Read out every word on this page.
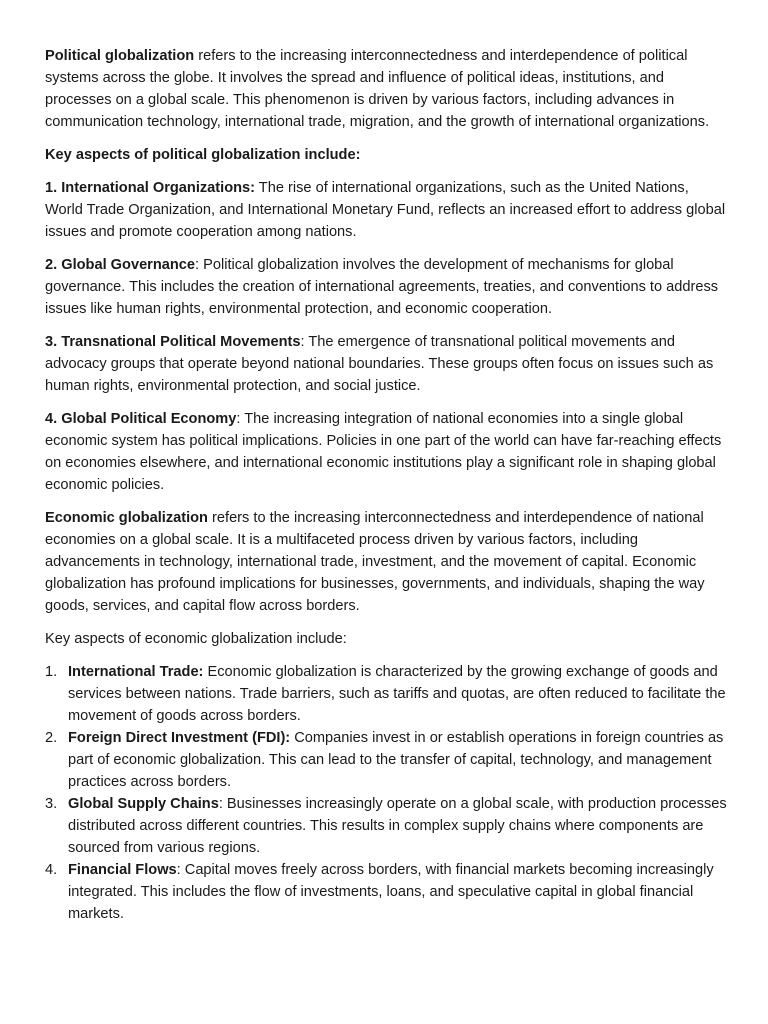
Political globalization refers to the increasing interconnectedness and interdependence of political systems across the globe. It involves the spread and influence of political ideas, institutions, and processes on a global scale. This phenomenon is driven by various factors, including advances in communication technology, international trade, migration, and the growth of international organizations.

Key aspects of political globalization include:

1. International Organizations: The rise of international organizations, such as the United Nations, World Trade Organization, and International Monetary Fund, reflects an increased effort to address global issues and promote cooperation among nations.

2. Global Governance: Political globalization involves the development of mechanisms for global governance. This includes the creation of international agreements, treaties, and conventions to address issues like human rights, environmental protection, and economic cooperation.

3. Transnational Political Movements: The emergence of transnational political movements and advocacy groups that operate beyond national boundaries. These groups often focus on issues such as human rights, environmental protection, and social justice.

4. Global Political Economy: The increasing integration of national economies into a single global economic system has political implications. Policies in one part of the world can have far-reaching effects on economies elsewhere, and international economic institutions play a significant role in shaping global economic policies.

Economic globalization refers to the increasing interconnectedness and interdependence of national economies on a global scale. It is a multifaceted process driven by various factors, including advancements in technology, international trade, investment, and the movement of capital. Economic globalization has profound implications for businesses, governments, and individuals, shaping the way goods, services, and capital flow across borders.

Key aspects of economic globalization include:

1. International Trade: Economic globalization is characterized by the growing exchange of goods and services between nations. Trade barriers, such as tariffs and quotas, are often reduced to facilitate the movement of goods across borders.
2. Foreign Direct Investment (FDI): Companies invest in or establish operations in foreign countries as part of economic globalization. This can lead to the transfer of capital, technology, and management practices across borders.
3. Global Supply Chains: Businesses increasingly operate on a global scale, with production processes distributed across different countries. This results in complex supply chains where components are sourced from various regions.
4. Financial Flows: Capital moves freely across borders, with financial markets becoming increasingly integrated. This includes the flow of investments, loans, and speculative capital in global financial markets.
